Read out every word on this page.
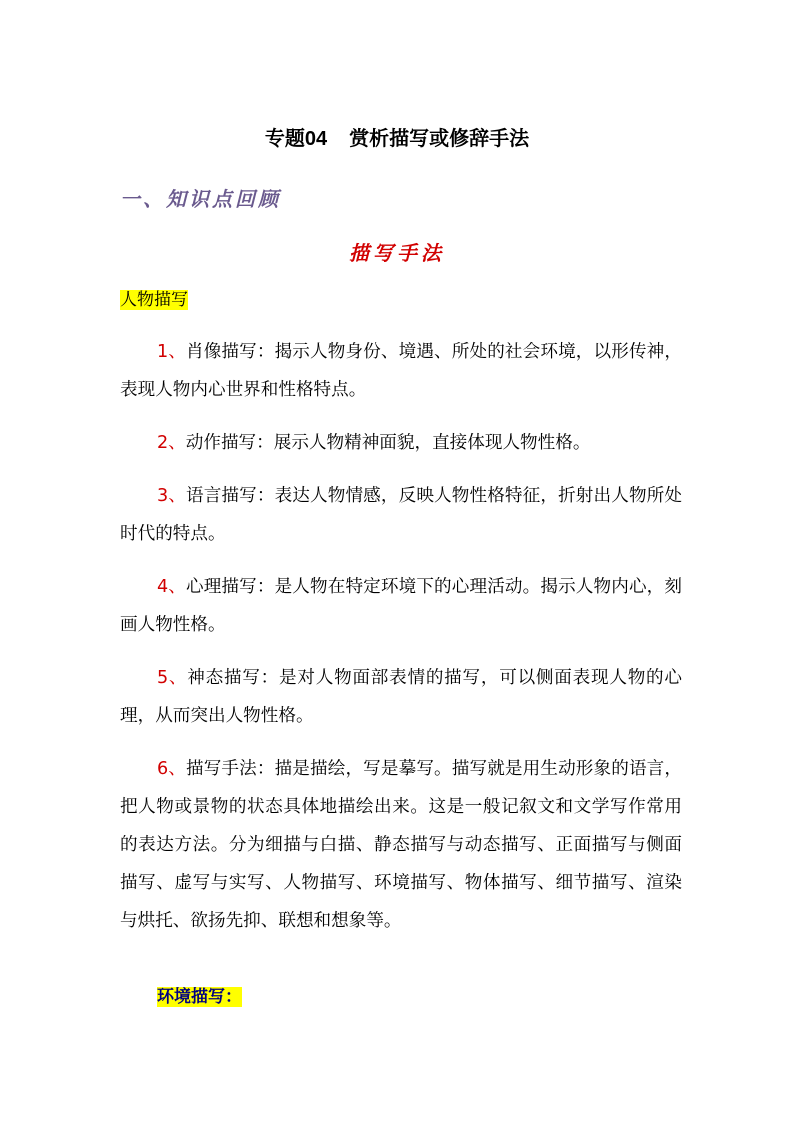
专题04 赏析描写或修辞手法
一、知识点回顾
描写手法
人物描写

1、肖像描写：揭示人物身份、境遇、所处的社会环境，以形传神，表现人物内心世界和性格特点。

2、动作描写：展示人物精神面貌，直接体现人物性格。

3、语言描写：表达人物情感，反映人物性格特征，折射出人物所处时代的特点。

4、心理描写：是人物在特定环境下的心理活动。揭示人物内心，刻画人物性格。

5、神态描写：是对人物面部表情的描写，可以侧面表现人物的心理，从而突出人物性格。

6、描写手法：描是描绘，写是摹写。描写就是用生动形象的语言，把人物或景物的状态具体地描绘出来。这是一般记叙文和文学写作常用的表达方法。分为细描与白描、静态描写与动态描写、正面描写与侧面描写、虚写与实写、人物描写、环境描写、物体描写、细节描写、渲染与烘托、欲扬先抑、联想和想象等。

环境描写：
